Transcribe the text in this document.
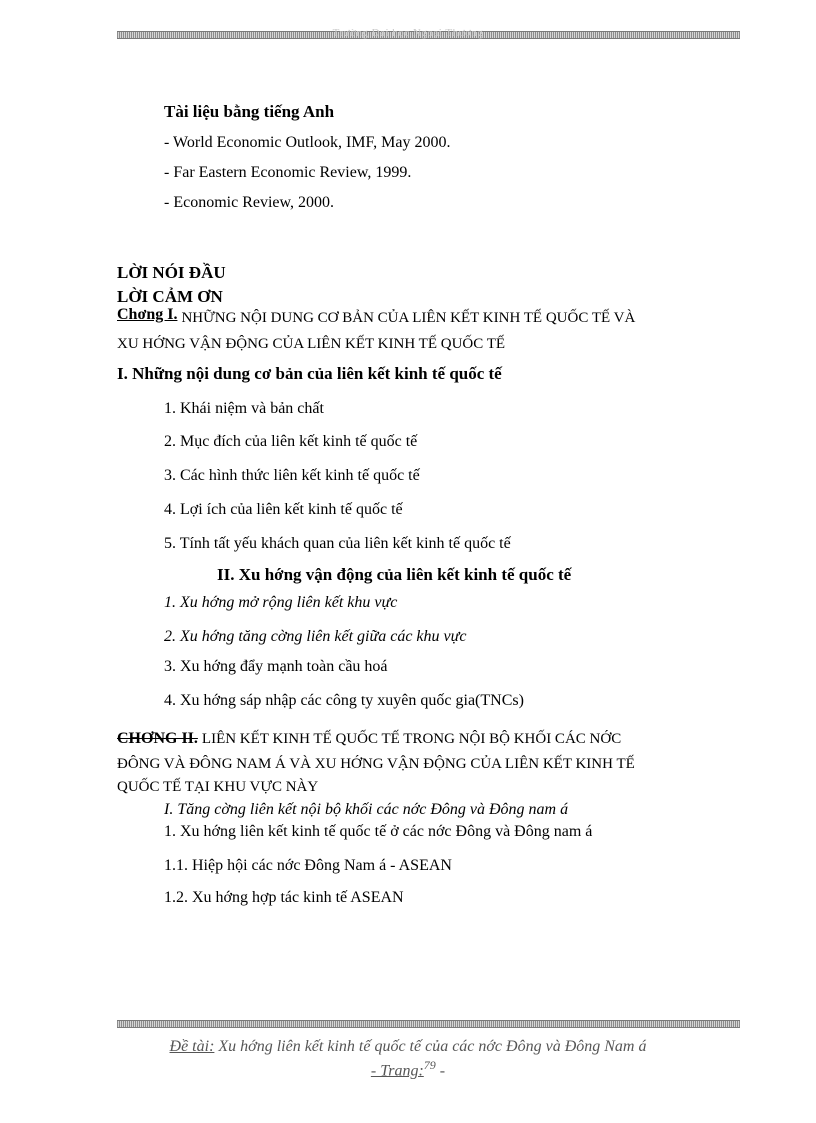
Trường Đại học Ngoại Thương
Tài liệu bằng tiếng Anh
- World Economic Outlook, IMF, May 2000.
- Far Eastern Economic Review, 1999.
- Economic Review, 2000.
LỜI NÓI ĐẦU
LỜI CẢM ƠN
Chơng I. NHỮNG NỘI DUNG CƠ BẢN CỦA LIÊN KẾT KINH TẾ QUỐC TẾ VÀ
XU HỚNG VẬN ĐỘNG CỦA LIÊN KẾT KINH TẾ QUỐC TẾ
I. Những nội dung cơ bản của liên kết kinh tế quốc tế
1. Khái niệm và bản chất
2. Mục đích của liên kết kinh tế quốc tế
3. Các hình thức liên kết kinh tế quốc tế
4. Lợi ích của liên kết kinh tế quốc tế
5. Tính tất yếu khách quan của liên kết kinh tế quốc tế
II. Xu hớng vận động của liên kết kinh tế quốc tế
1. Xu hớng mở rộng liên kết khu vực
2. Xu hớng tăng cờng liên kết giữa các khu vực
3. Xu hớng đẩy mạnh toàn cầu hoá
4. Xu hớng sáp nhập các công ty xuyên quốc gia(TNCs)
CHƠNG II. LIÊN KẾT KINH TẾ QUỐC TẾ TRONG NỘI BỘ KHỐI CÁC NỚC
ĐÔNG VÀ ĐÔNG NAM Á VÀ XU HỚNG VẬN ĐỘNG CỦA LIÊN KẾT KINH TẾ
QUỐC TẾ TẠI KHU VỰC NÀY
I. Tăng cờng liên kết nội bộ khối các nớc Đông và Đông nam á
1. Xu hớng liên kết kinh tế quốc tế ở các nớc Đông và Đông nam á
1.1. Hiệp hội các nớc Đông Nam á - ASEAN
1.2. Xu hớng hợp tác kinh tế ASEAN
Đề tài: Xu hớng liên kết kinh tế quốc tế của các nớc Đông và Đông Nam á
- Trang:$^{79}$ -
